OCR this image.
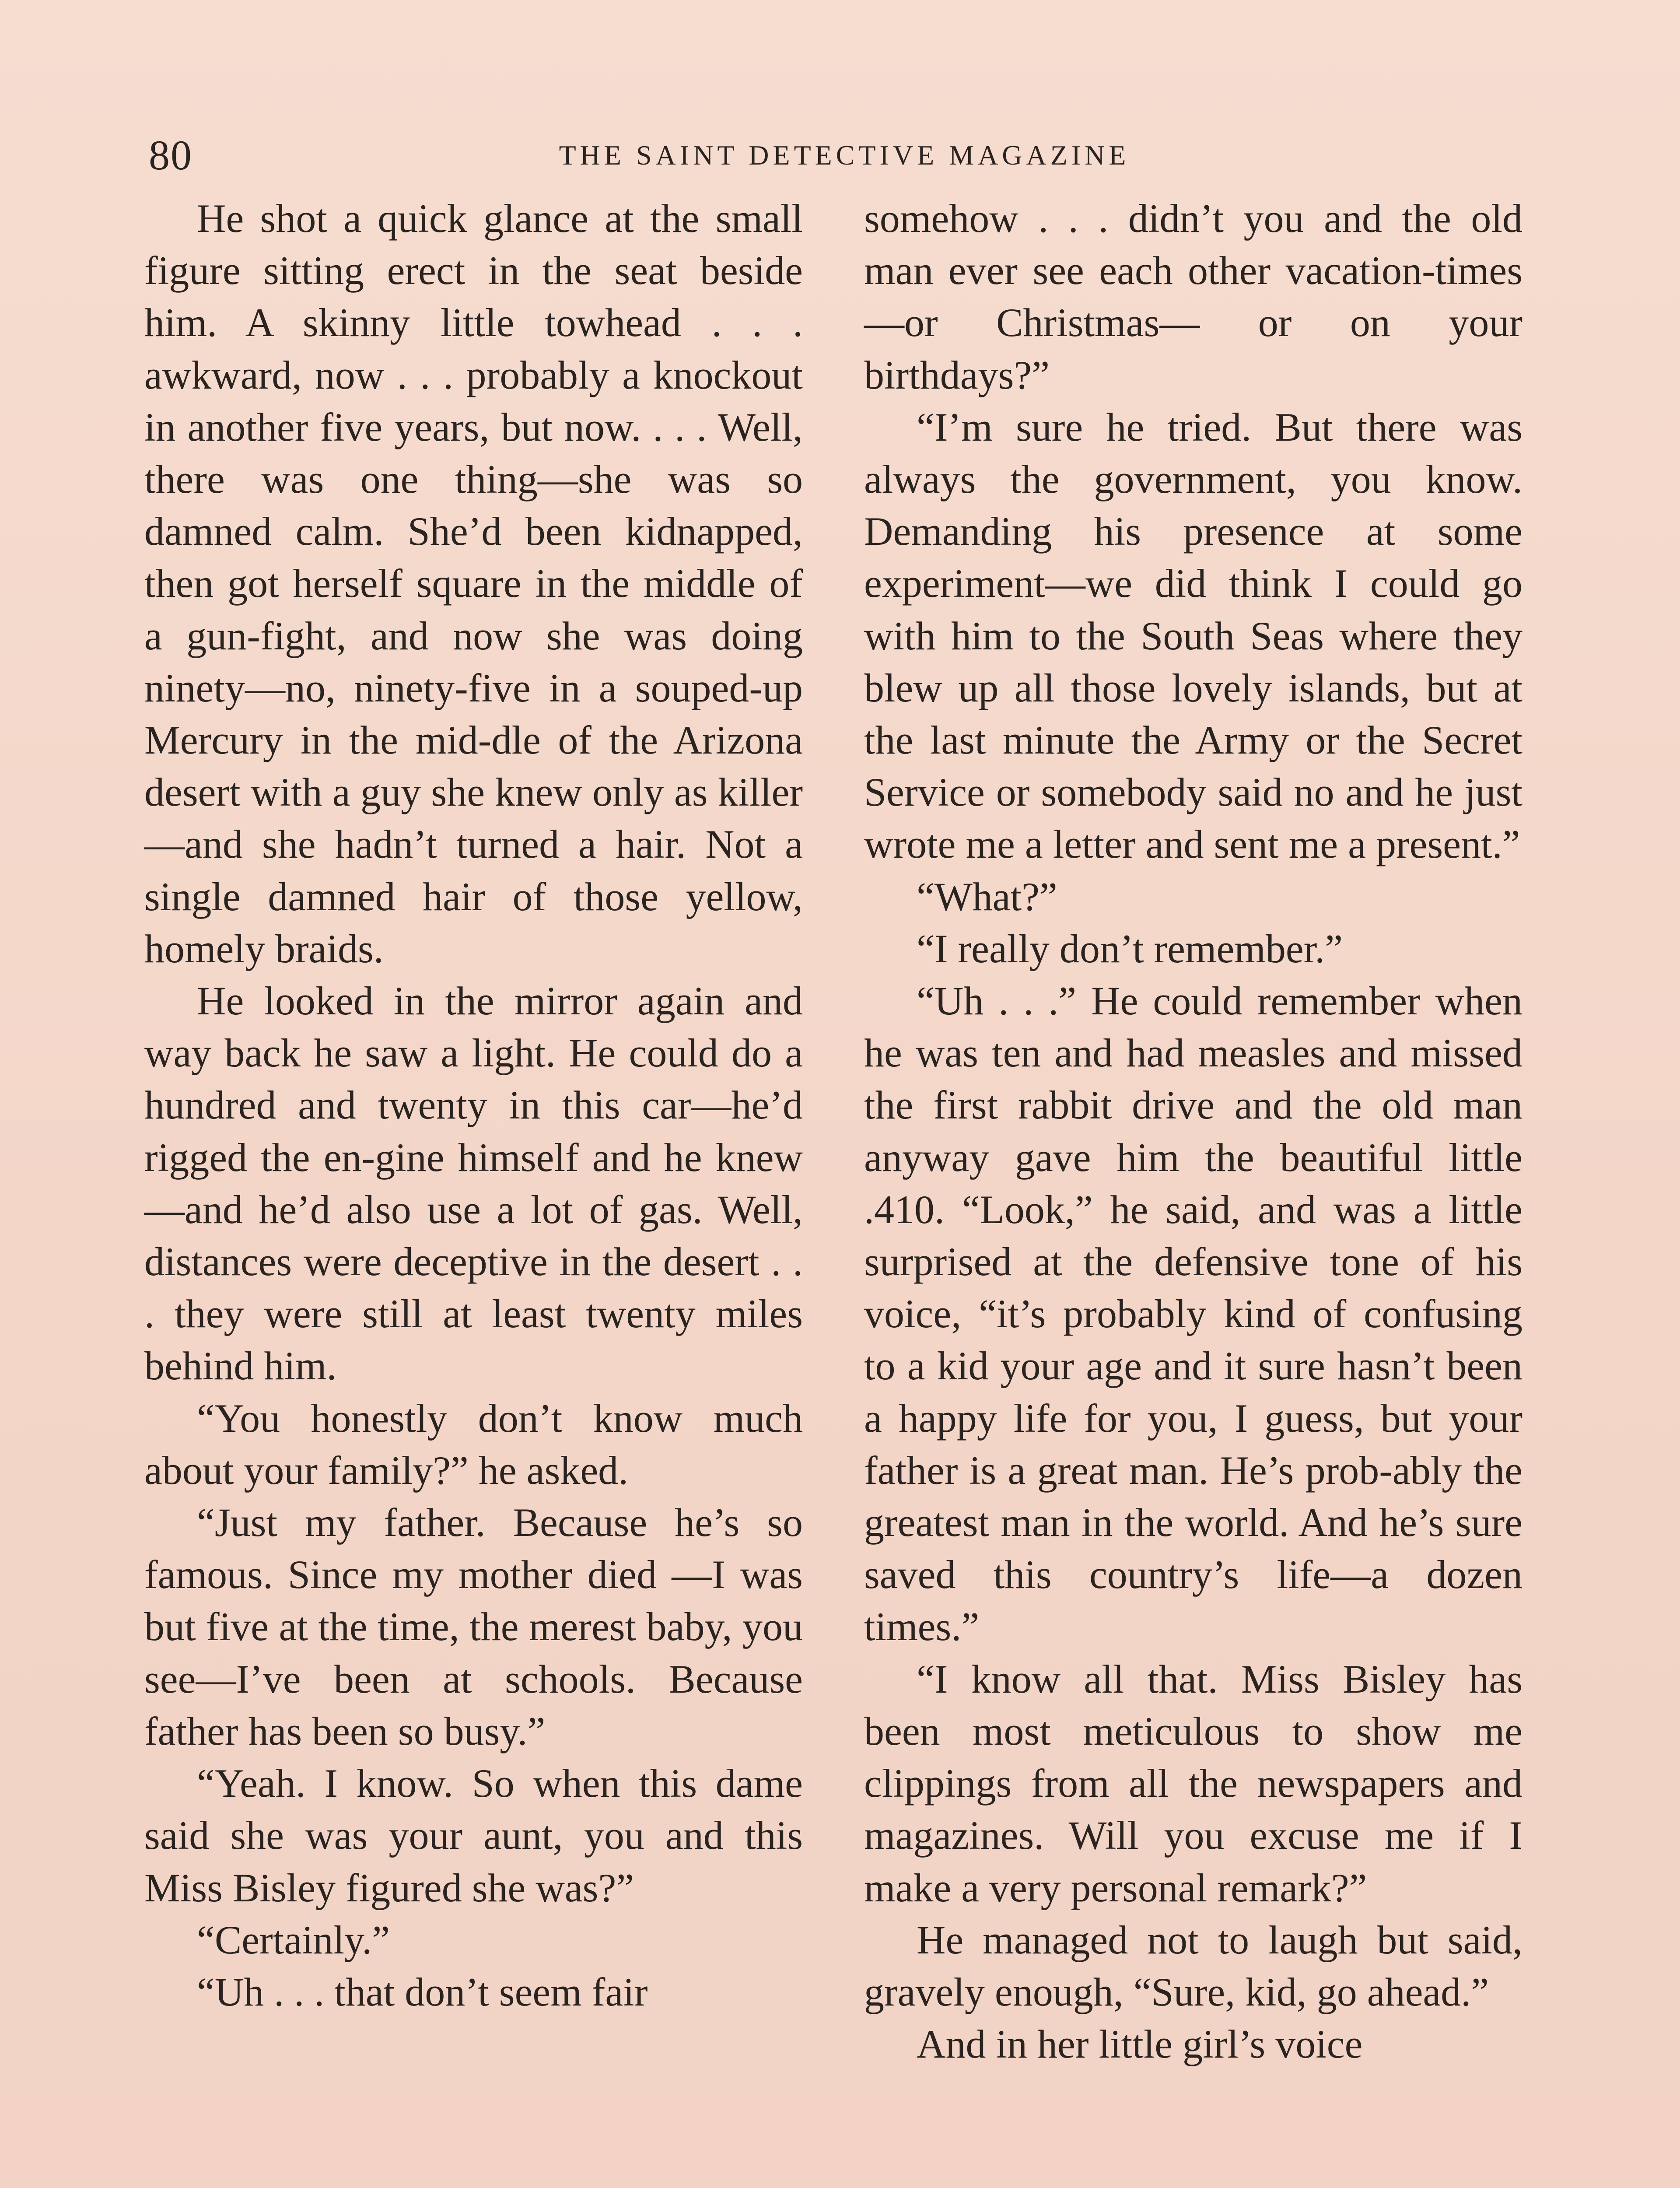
80	THE SAINT DETECTIVE MAGAZINE

He shot a quick glance at the small figure sitting erect in the seat beside him. A skinny little towhead . . . awkward, now . . . probably a knockout in another five years, but now. . . . Well, there was one thing—she was so damned calm. She’d been kidnapped, then got herself square in the middle of a gun-fight, and now she was doing ninety—no, ninety-five in a souped-up Mercury in the mid-dle of the Arizona desert with a guy she knew only as killer—and she hadn’t turned a hair. Not a single damned hair of those yellow, homely braids.

He looked in the mirror again and way back he saw a light. He could do a hundred and twenty in this car—he’d rigged the en-gine himself and he knew—and he’d also use a lot of gas. Well, distances were deceptive in the desert . . . they were still at least twenty miles behind him.

“You honestly don’t know much about your family?” he asked.

“Just my father. Because he’s so famous. Since my mother died —I was but five at the time, the merest baby, you see—I’ve been at schools. Because father has been so busy.”

“Yeah. I know. So when this dame said she was your aunt, you and this Miss Bisley figured she was?”

“Certainly.”

“Uh . . . that don’t seem fair

somehow . . . didn’t you and the old man ever see each other vacation-times—or Christmas— or on your birthdays?”

“I’m sure he tried. But there was always the government, you know. Demanding his presence at some experiment—we did think I could go with him to the South Seas where they blew up all those lovely islands, but at the last minute the Army or the Secret Service or somebody said no and he just wrote me a letter and sent me a present.”

“What?”

“I really don’t remember.”

“Uh . . .” He could remember when he was ten and had measles and missed the first rabbit drive and the old man anyway gave him the beautiful little .410. “Look,” he said, and was a little surprised at the defensive tone of his voice, “it’s probably kind of confusing to a kid your age and it sure hasn’t been a happy life for you, I guess, but your father is a great man. He’s prob-ably the greatest man in the world. And he’s sure saved this country’s life—a dozen times.”

“I know all that. Miss Bisley has been most meticulous to show me clippings from all the newspapers and magazines. Will you excuse me if I make a very personal remark?”

He managed not to laugh but said, gravely enough, “Sure, kid, go ahead.”

And in her little girl’s voice
